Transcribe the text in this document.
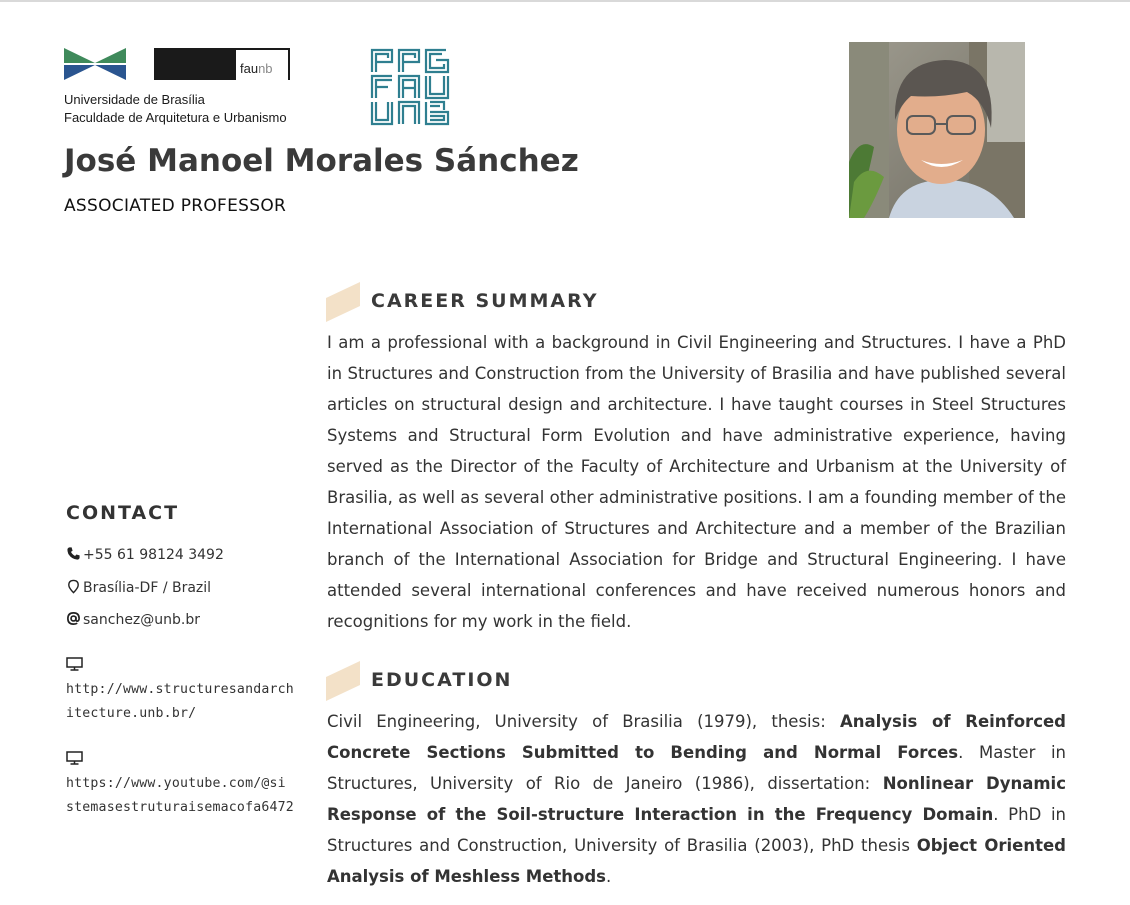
faunb
Universidade de Brasília
Faculdade de Arquitetura e Urbanismo
José Manoel Morales Sánchez
ASSOCIATED PROFESSOR
CONTACT
+55 61 98124 3492
Brasília-DF / Brazil
sanchez@unb.br
http://www.structuresandarch
itecture.unb.br/
https://www.youtube.com/@si
stemasestruturaisemacofa6472
CAREER SUMMARY

I am a professional with a background in Civil Engineering and Structures. I have a PhD in Structures and Construction from the University of Brasilia and have published several articles on structural design and architecture. I have taught courses in Steel Structures Systems and Structural Form Evolution and have administrative experience, having served as the Director of the Faculty of Architecture and Urbanism at the University of Brasilia, as well as several other administrative positions. I am a founding member of the International Association of Structures and Architecture and a member of the Brazilian branch of the International Association for Bridge and Structural Engineering. I have attended several international conferences and have received numerous honors and recognitions for my work in the field.

EDUCATION

Civil Engineering, University of Brasilia (1979), thesis: Analysis of Reinforced Concrete Sections Submitted to Bending and Normal Forces. Master in Structures, University of Rio de Janeiro (1986), dissertation: Nonlinear Dynamic Response of the Soil-structure Interaction in the Frequency Domain. PhD in Structures and Construction, University of Brasilia (2003), PhD thesis Object Oriented Analysis of Meshless Methods.
